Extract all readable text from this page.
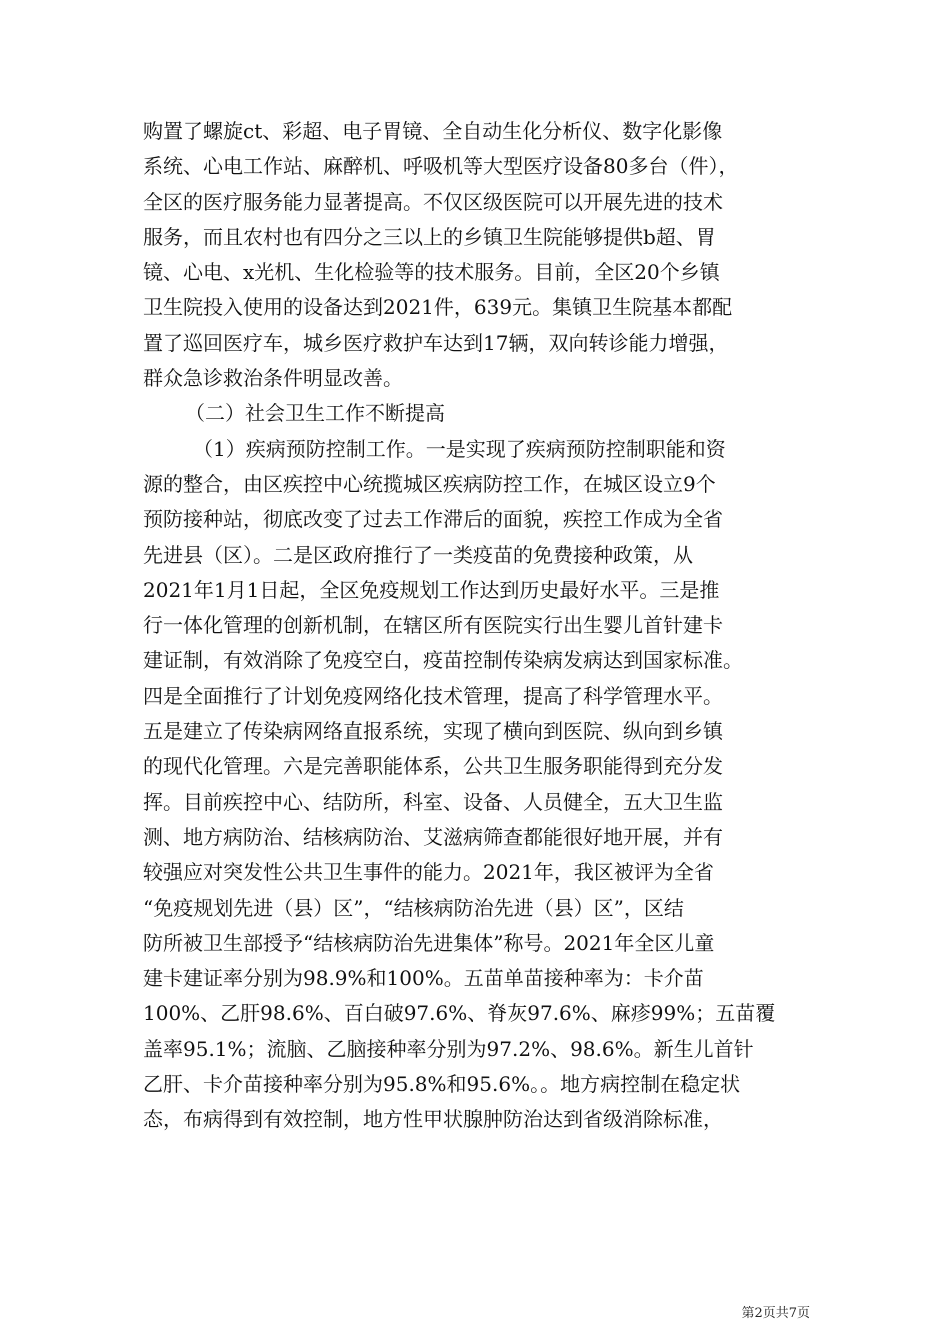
购置了螺旋ct、彩超、电子胃镜、全自动生化分析仪、数字化影像
系统、心电工作站、麻醉机、呼吸机等大型医疗设备80多台（件），
全区的医疗服务能力显著提高。不仅区级医院可以开展先进的技术
服务，而且农村也有四分之三以上的乡镇卫生院能够提供b超、胃
镜、心电、x光机、生化检验等的技术服务。目前，全区20个乡镇
卫生院投入使用的设备达到2021件，639元。集镇卫生院基本都配
置了巡回医疗车，城乡医疗救护车达到17辆，双向转诊能力增强，
群众急诊救治条件明显改善。
（二）社会卫生工作不断提高
（1）疾病预防控制工作。一是实现了疾病预防控制职能和资
源的整合，由区疾控中心统揽城区疾病防控工作，在城区设立9个
预防接种站，彻底改变了过去工作滞后的面貌，疾控工作成为全省
先进县（区）。二是区政府推行了一类疫苗的免费接种政策，从
2021年1月1日起，全区免疫规划工作达到历史最好水平。三是推
行一体化管理的创新机制，在辖区所有医院实行出生婴儿首针建卡
建证制，有效消除了免疫空白，疫苗控制传染病发病达到国家标准。
四是全面推行了计划免疫网络化技术管理，提高了科学管理水平。
五是建立了传染病网络直报系统，实现了横向到医院、纵向到乡镇
的现代化管理。六是完善职能体系，公共卫生服务职能得到充分发
挥。目前疾控中心、结防所，科室、设备、人员健全，五大卫生监
测、地方病防治、结核病防治、艾滋病筛查都能很好地开展，并有
较强应对突发性公共卫生事件的能力。2021年，我区被评为全省
“免疫规划先进（县）区”，“结核病防治先进（县）区”，区结
防所被卫生部授予“结核病防治先进集体”称号。2021年全区儿童
建卡建证率分别为98.9%和100%。五苗单苗接种率为：卡介苗
100%、乙肝98.6%、百白破97.6%、脊灰97.6%、麻疹99%；五苗覆
盖率95.1%；流脑、乙脑接种率分别为97.2%、98.6%。新生儿首针
乙肝、卡介苗接种率分别为95.8%和95.6%。。地方病控制在稳定状
态，布病得到有效控制，地方性甲状腺肿防治达到省级消除标准，
第2页共7页
